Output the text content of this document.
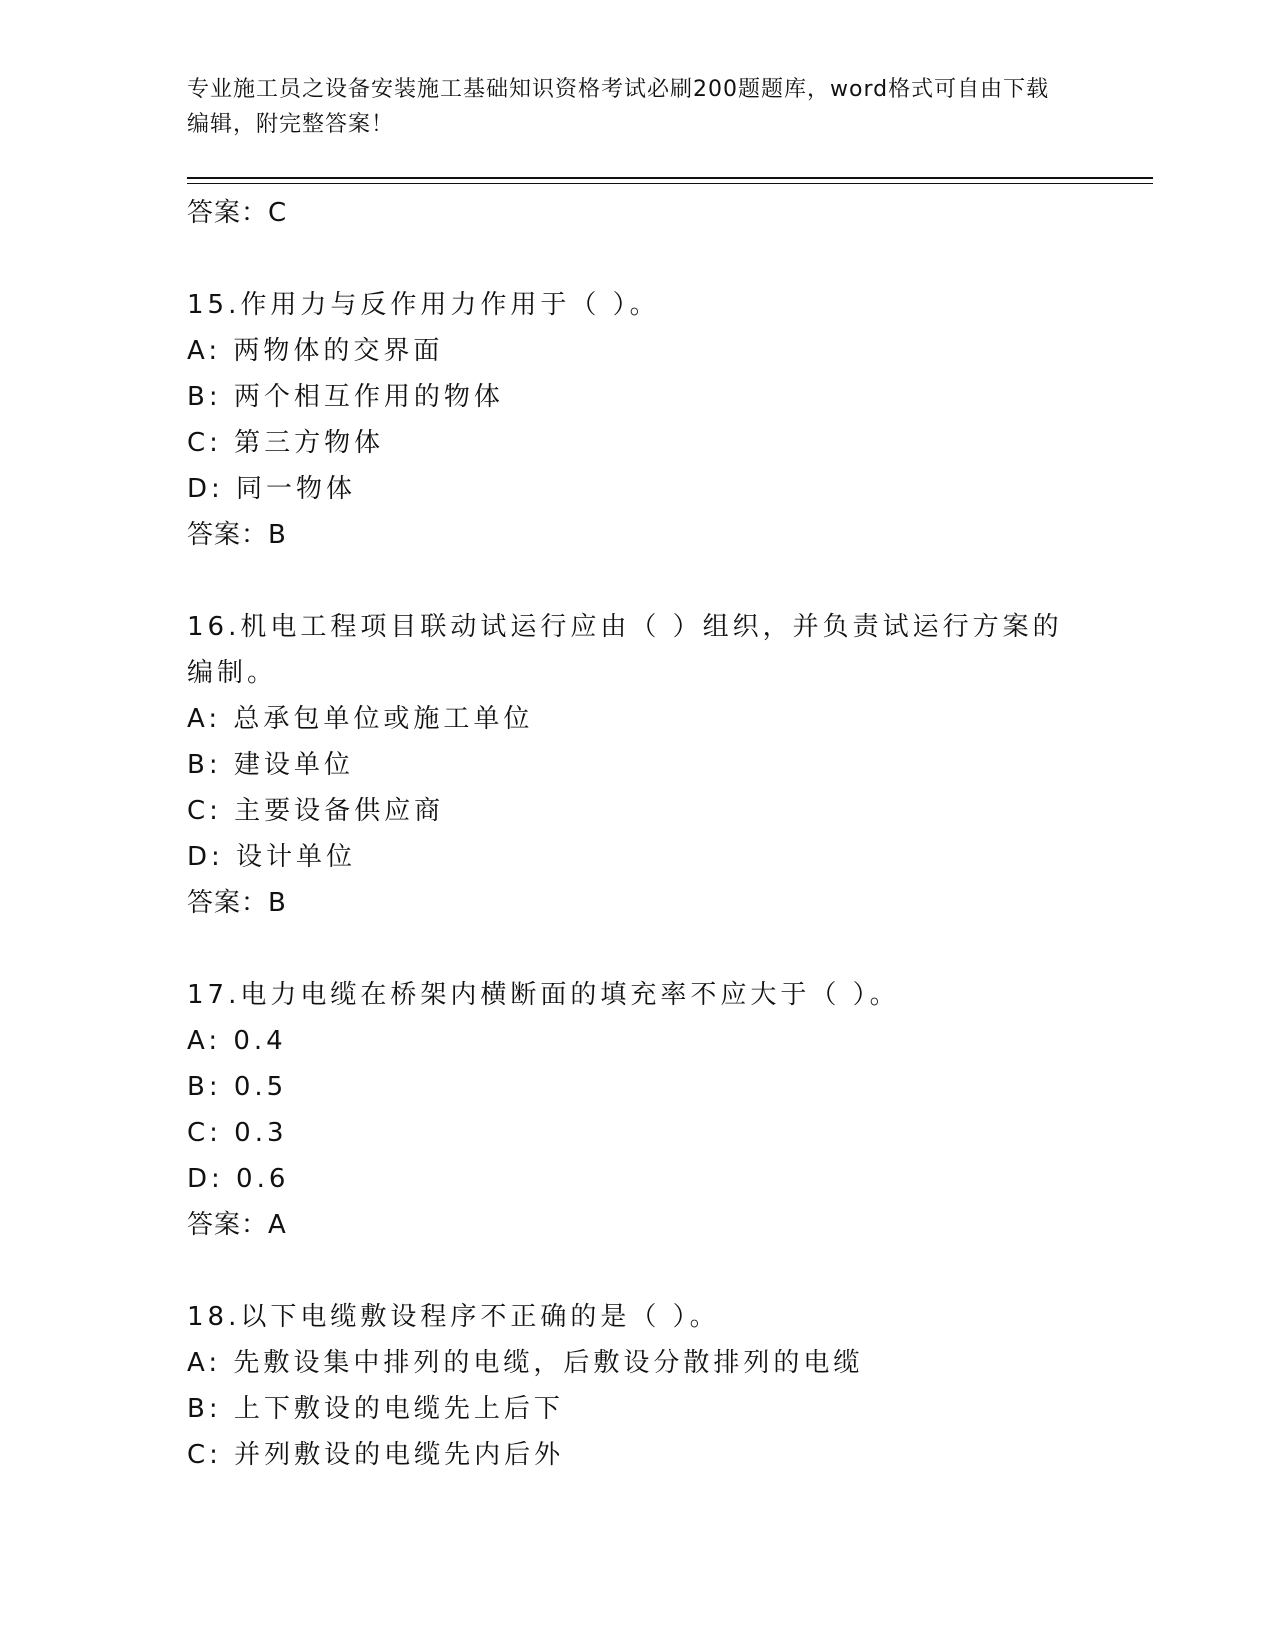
专业施工员之设备安装施工基础知识资格考试必刷200题题库，word格式可自由下载编辑，附完整答案！
答案：C
15.作用力与反作用力作用于（ ）。
A: 两物体的交界面
B: 两个相互作用的物体
C: 第三方物体
D: 同一物体
答案：B
16.机电工程项目联动试运行应由（ ）组织，并负责试运行方案的编制。
A: 总承包单位或施工单位
B: 建设单位
C: 主要设备供应商
D: 设计单位
答案：B
17.电力电缆在桥架内横断面的填充率不应大于（ ）。
A: 0.4
B: 0.5
C: 0.3
D: 0.6
答案：A
18.以下电缆敷设程序不正确的是（ ）。
A: 先敷设集中排列的电缆，后敷设分散排列的电缆
B: 上下敷设的电缆先上后下
C: 并列敷设的电缆先内后外
